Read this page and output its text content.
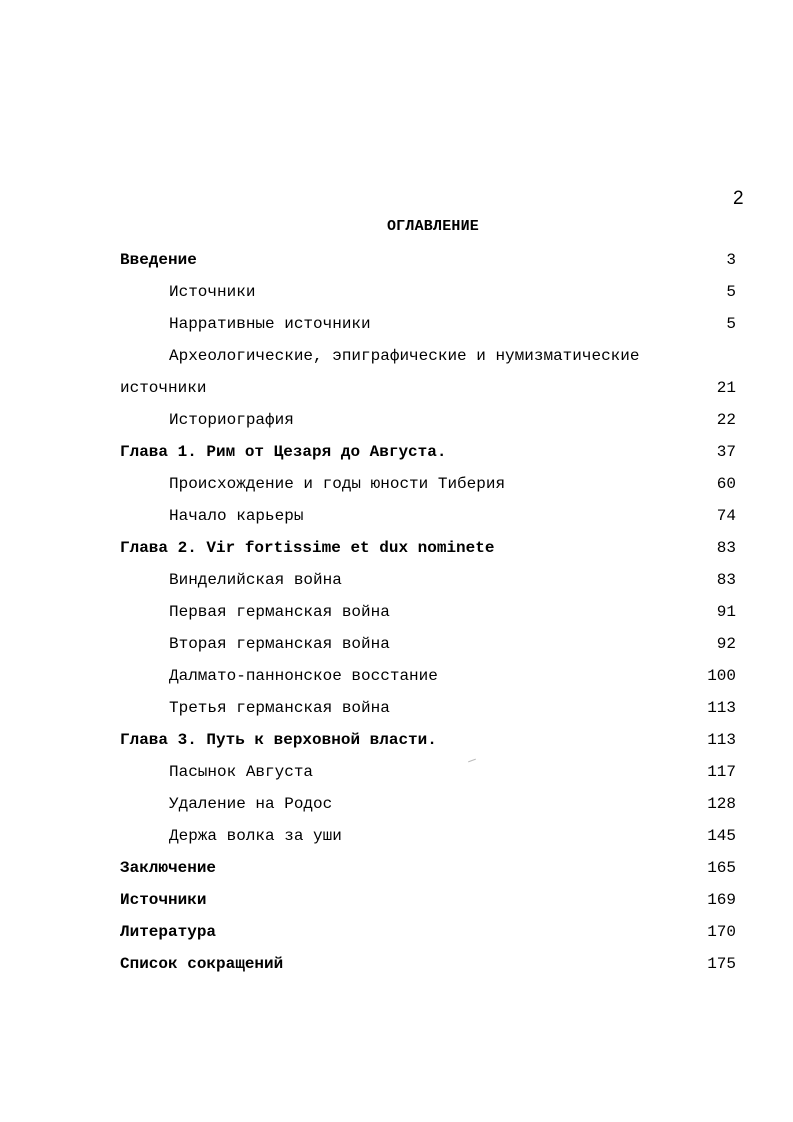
2
ОГЛАВЛЕНИЕ
Введение	3
Источники	5
Нарративные источники	5
Археологические, эпиграфические и нумизматические
источники	21
Историография	22
Глава 1. Рим от Цезаря до Августа.	37
Происхождение и годы юности Тиберия	60
Начало карьеры	74
Глава 2. Vir fortissime et dux nominete	83
Винделийская война	83
Первая германская война	91
Вторая германская война	92
Далмато-паннонское восстание	100
Третья германская война	113
Глава 3. Путь к верховной власти.	113
Пасынок Августа	117
Удаление на Родос	128
Держа волка за уши	145
Заключение	165
Источники	169
Литература	170
Список сокращений	175
